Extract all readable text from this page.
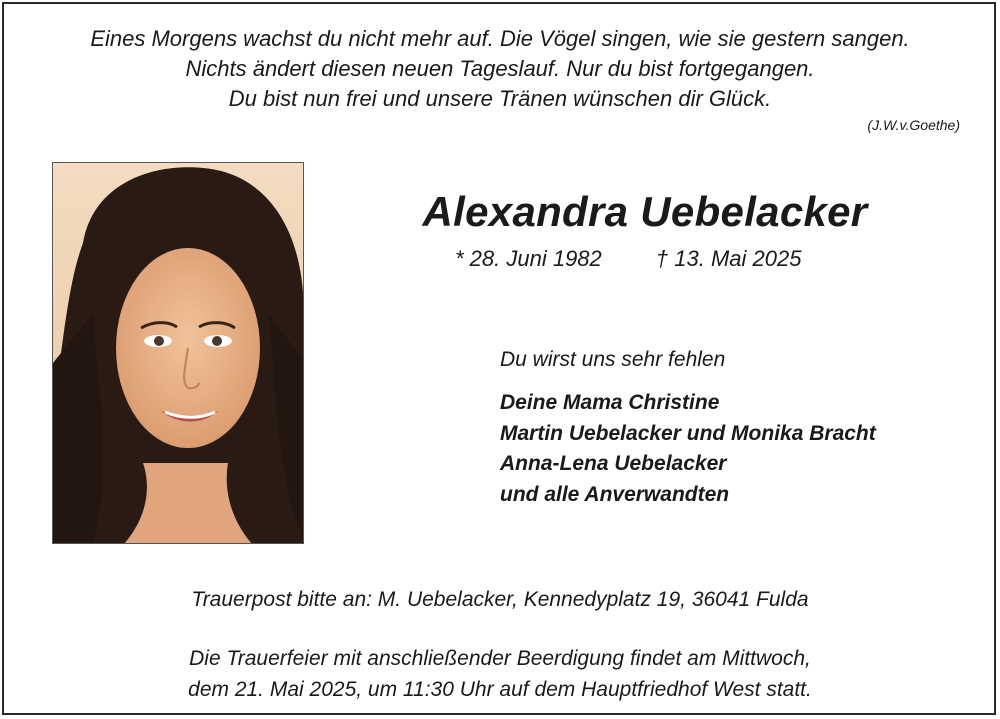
Eines Morgens wachst du nicht mehr auf. Die Vögel singen, wie sie gestern sangen.
Nichts ändert diesen neuen Tageslauf. Nur du bist fortgegangen.
Du bist nun frei und unsere Tränen wünschen dir Glück.
(J.W.v.Goethe)
Alexandra Uebelacker
* 28. Juni 1982 † 13. Mai 2025
Du wirst uns sehr fehlen
Deine Mama Christine
Martin Uebelacker und Monika Bracht
Anna-Lena Uebelacker
und alle Anverwandten
Trauerpost bitte an: M. Uebelacker, Kennedyplatz 19, 36041 Fulda
Die Trauerfeier mit anschließender Beerdigung findet am Mittwoch,
dem 21. Mai 2025, um 11:30 Uhr auf dem Hauptfriedhof West statt.
